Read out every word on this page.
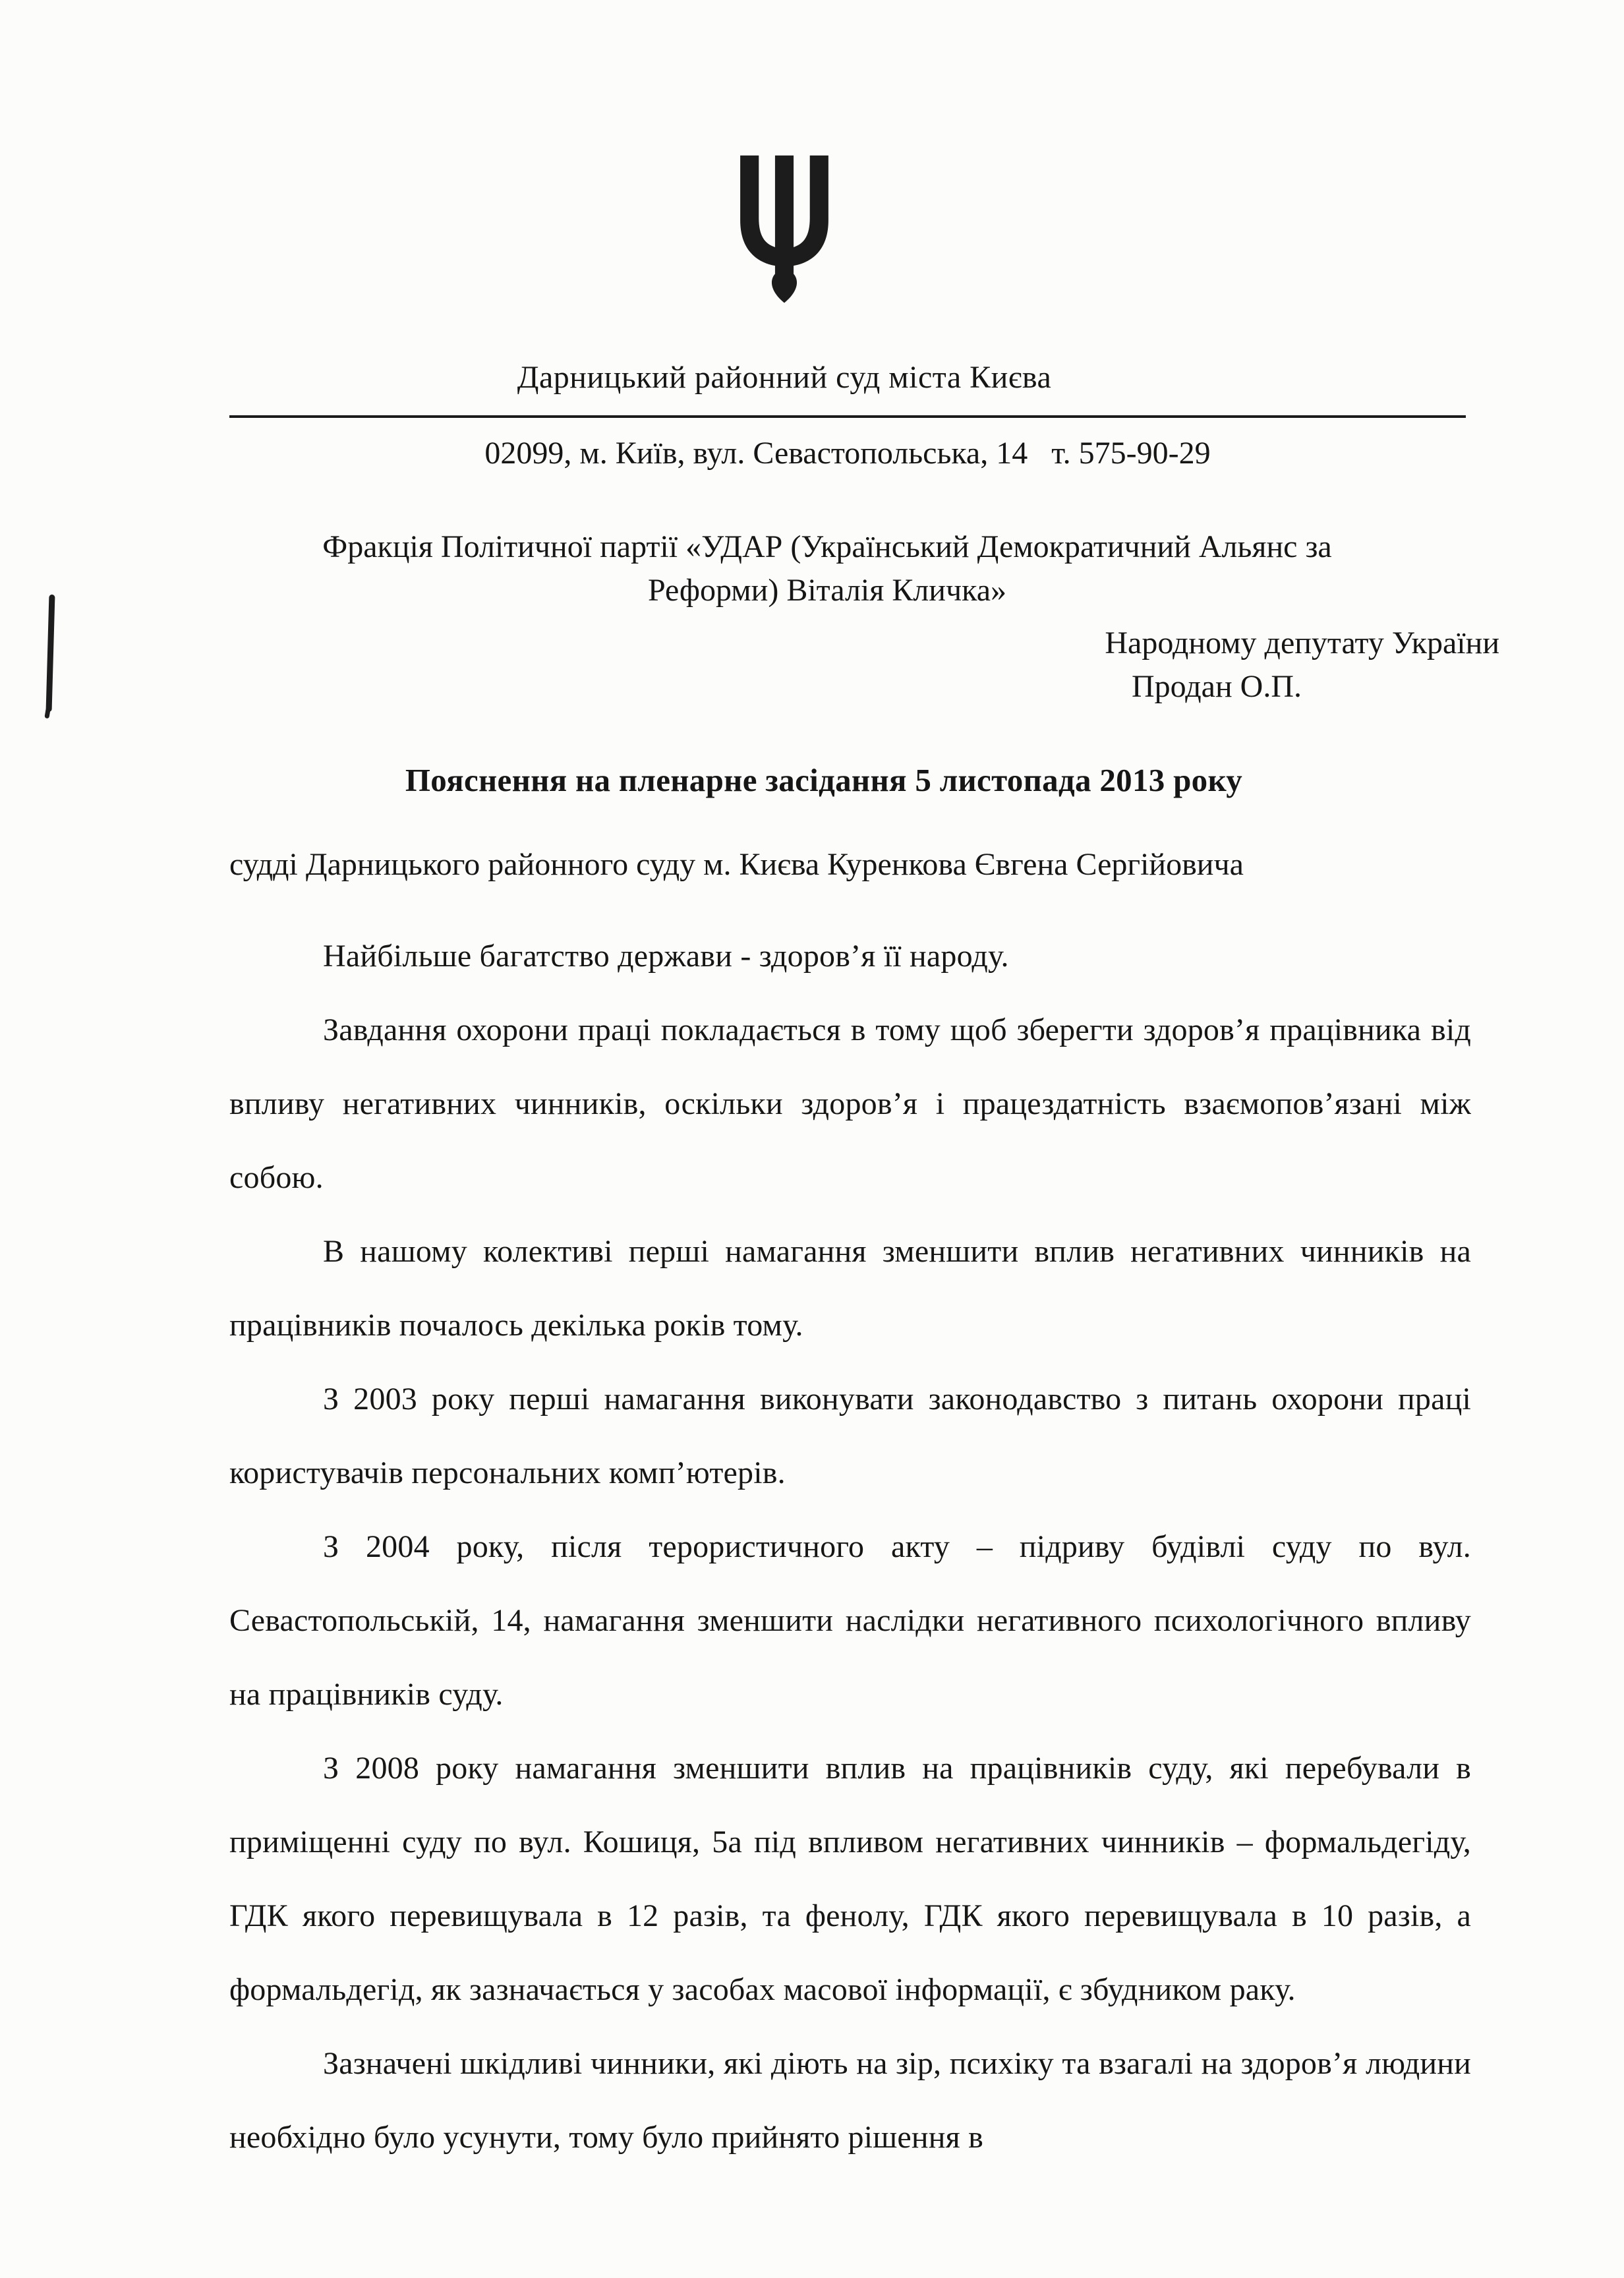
Дарницький районний суд міста Києва
02099, м. Київ, вул. Севастопольська, 14   т. 575-90-29
Фракція Політичної партії «УДАР (Український Демократичний Альянс за
Реформи) Віталія Кличка»
Народному депутату України
Продан О.П.
Пояснення на пленарне засідання 5 листопада 2013 року
судді Дарницького районного суду м. Києва Куренкова Євгена Сергійовича

Найбільше багатство держави - здоров’я її народу.

Завдання охорони праці покладається в тому щоб зберегти здоров’я працівника від впливу негативних чинників, оскільки здоров’я і працездатність взаємопов’язані між собою.

В нашому колективі перші намагання зменшити вплив негативних чинників на працівників почалось декілька років тому.

З 2003 року перші намагання виконувати законодавство з питань охорони праці користувачів персональних комп’ютерів.

З 2004 року, після терористичного акту – підриву будівлі суду по вул. Севастопольській, 14, намагання зменшити наслідки негативного психологічного впливу на працівників суду.

З 2008 року намагання зменшити вплив на працівників суду, які перебували в приміщенні суду по вул. Кошиця, 5а під впливом негативних чинників – формальдегіду, ГДК якого перевищувала в 12 разів, та фенолу, ГДК якого перевищувала в 10 разів, а формальдегід, як зазначається у засобах масової інформації, є збудником раку.

Зазначені шкідливі чинники, які діють на зір, психіку та взагалі на здоров’я людини необхідно було усунути, тому було прийнято рішення в
